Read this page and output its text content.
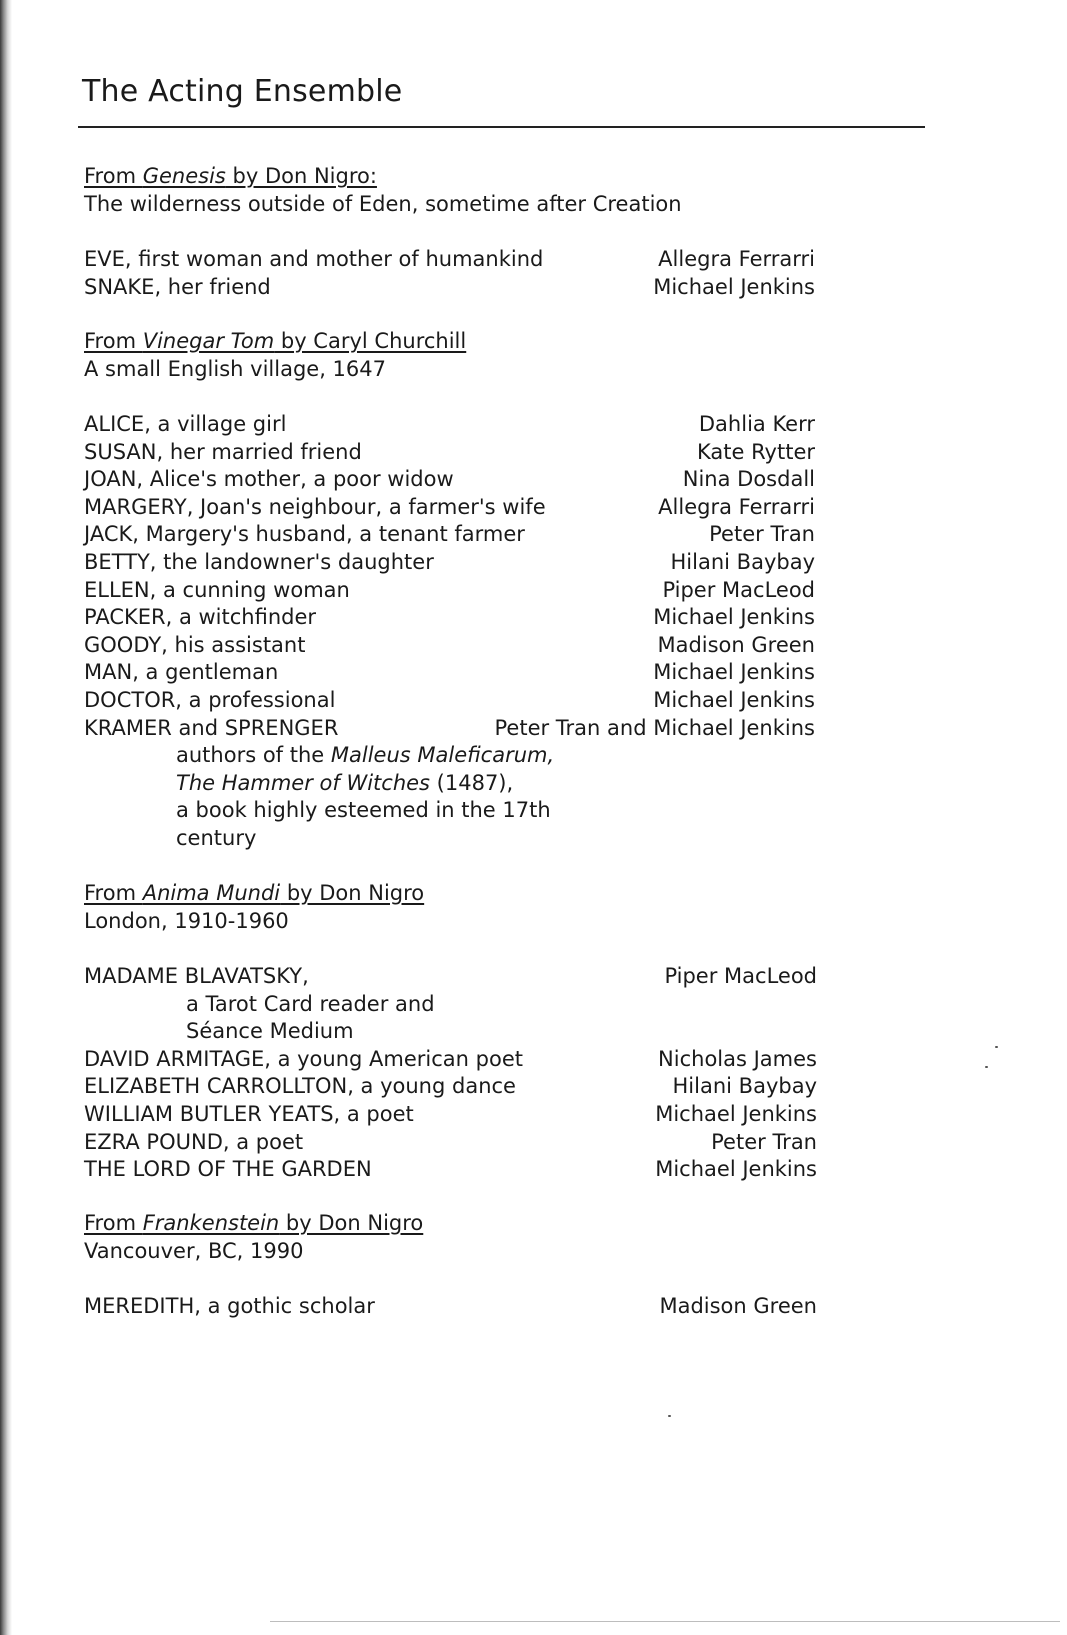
The Acting Ensemble
From Genesis by Don Nigro:
The wilderness outside of Eden, sometime after Creation
EVE, first woman and mother of humankind	Allegra Ferrarri
SNAKE, her friend	Michael Jenkins
From Vinegar Tom by Caryl Churchill
A small English village, 1647
ALICE, a village girl	Dahlia Kerr
SUSAN, her married friend	Kate Rytter
JOAN, Alice's mother, a poor widow	Nina Dosdall
MARGERY, Joan's neighbour, a farmer's wife	Allegra Ferrarri
JACK, Margery's husband, a tenant farmer	Peter Tran
BETTY, the landowner's daughter	Hilani Baybay
ELLEN, a cunning woman	Piper MacLeod
PACKER, a witchfinder	Michael Jenkins
GOODY, his assistant	Madison Green
MAN, a gentleman	Michael Jenkins
DOCTOR, a professional	Michael Jenkins
KRAMER and SPRENGER	Peter Tran and Michael Jenkins
authors of the Malleus Maleficarum,
The Hammer of Witches (1487),
a book highly esteemed in the 17th
century
From Anima Mundi by Don Nigro
London, 1910-1960
MADAME BLAVATSKY,	Piper MacLeod
a Tarot Card reader and
Séance Medium
DAVID ARMITAGE, a young American poet	Nicholas James
ELIZABETH CARROLLTON, a young dance	Hilani Baybay
WILLIAM BUTLER YEATS, a poet	Michael Jenkins
EZRA POUND, a poet	Peter Tran
THE LORD OF THE GARDEN	Michael Jenkins
From Frankenstein by Don Nigro
Vancouver, BC, 1990
MEREDITH, a gothic scholar	Madison Green
